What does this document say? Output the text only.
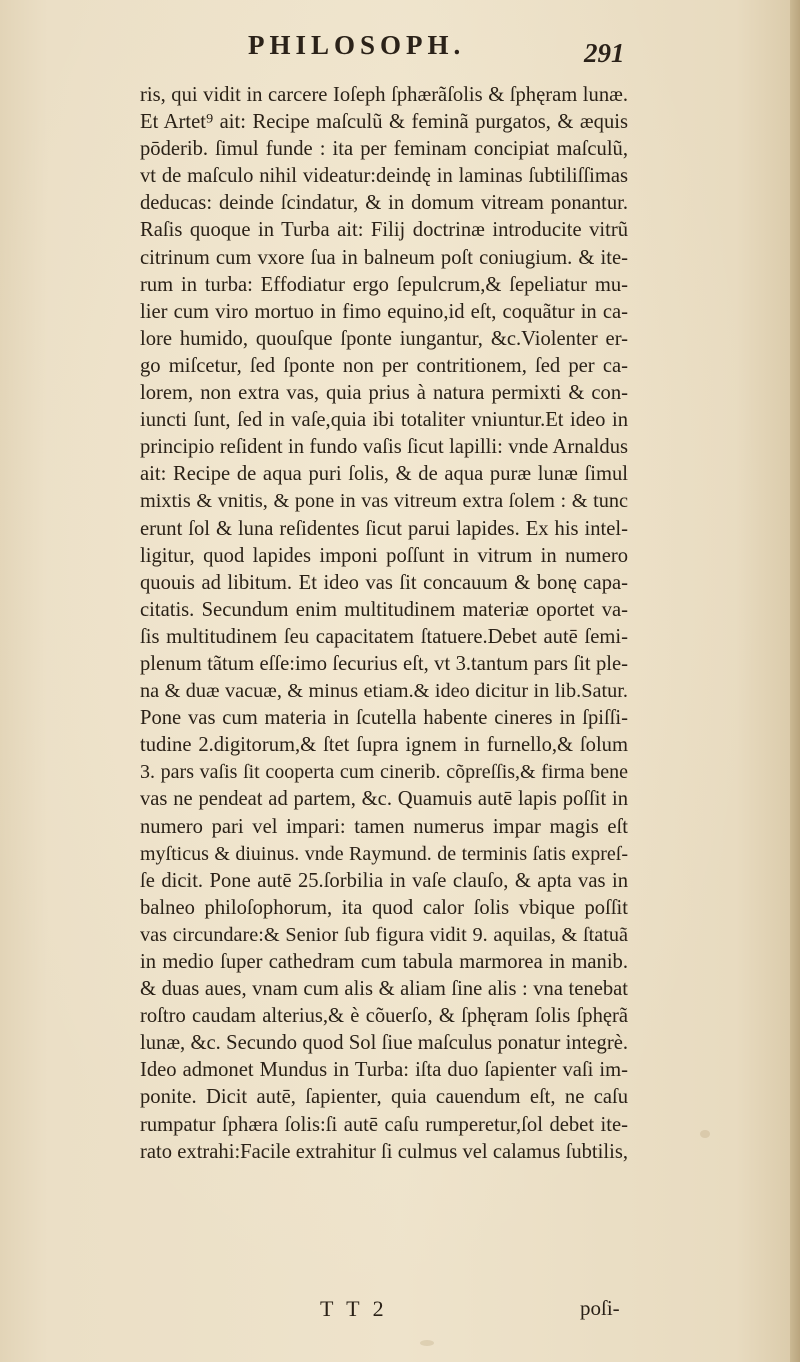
PHILOSOPH.	291
ris, qui vidit in carcere Ioſeph ſphærãſolis & ſphęram lunæ.
Et Artet⁹ ait: Recipe maſculũ & feminã purgatos, & æquis
pōderib. ſimul funde : ita per feminam concipiat maſculũ,
vt de maſculo nihil videatur:deindę in laminas ſubtiliſſimas
deducas: deinde ſcindatur, & in domum vitream ponantur.
Raſis quoque in Turba ait: Filij doctrinæ introducite vitrũ
citrinum cum vxore ſua in balneum poſt coniugium. & ite-
rum in turba: Effodiatur ergo ſepulcrum,& ſepeliatur mu-
lier cum viro mortuo in fimo equino,id eſt, coquãtur in ca-
lore humido, quouſque ſponte iungantur, &c.Violenter er-
go miſcetur, ſed ſponte non per contritionem, ſed per ca-
lorem, non extra vas, quia prius à natura permixti & con-
iuncti ſunt, ſed in vaſe,quia ibi totaliter vniuntur.Et ideo in
principio reſident in fundo vaſis ſicut lapilli: vnde Arnaldus
ait: Recipe de aqua puri ſolis, & de aqua puræ lunæ ſimul
mixtis & vnitis, & pone in vas vitreum extra ſolem : & tunc
erunt ſol & luna reſidentes ſicut parui lapides. Ex his intel-
ligitur, quod lapides imponi poſſunt in vitrum in numero
quouis ad libitum. Et ideo vas ſit concauum & bonę capa-
citatis. Secundum enim multitudinem materiæ oportet va-
ſis multitudinem ſeu capacitatem ſtatuere.Debet autē ſemi-
plenum tãtum eſſe:imo ſecurius eſt, vt 3.tantum pars ſit ple-
na & duæ vacuæ, & minus etiam.& ideo dicitur in lib.Satur.
Pone vas cum materia in ſcutella habente cineres in ſpiſſi-
tudine 2.digitorum,& ſtet ſupra ignem in furnello,& ſolum
3. pars vaſis ſit cooperta cum cinerib. cõpreſſis,& firma bene
vas ne pendeat ad partem, &c. Quamuis autē lapis poſſit in
numero pari vel impari: tamen numerus impar magis eſt
myſticus & diuinus. vnde Raymund. de terminis ſatis expreſ-
ſe dicit. Pone autē 25.ſorbilia in vaſe clauſo, & apta vas in
balneo philoſophorum, ita quod calor ſolis vbique poſſit
vas circundare:& Senior ſub figura vidit 9. aquilas, & ſtatuã
in medio ſuper cathedram cum tabula marmorea in manib.
& duas aues, vnam cum alis & aliam ſine alis : vna tenebat
roſtro caudam alterius,& è cõuerſo, & ſphęram ſolis ſphęrã
lunæ, &c. Secundo quod Sol ſiue maſculus ponatur integrè.
Ideo admonet Mundus in Turba: iſta duo ſapienter vaſi im-
ponite. Dicit autē, ſapienter, quia cauendum eſt, ne caſu
rumpatur ſphæra ſolis:ſi autē caſu rumperetur,ſol debet ite-
rato extrahi:Facile extrahitur ſi culmus vel calamus ſubtilis,
T T 2	poſi-
